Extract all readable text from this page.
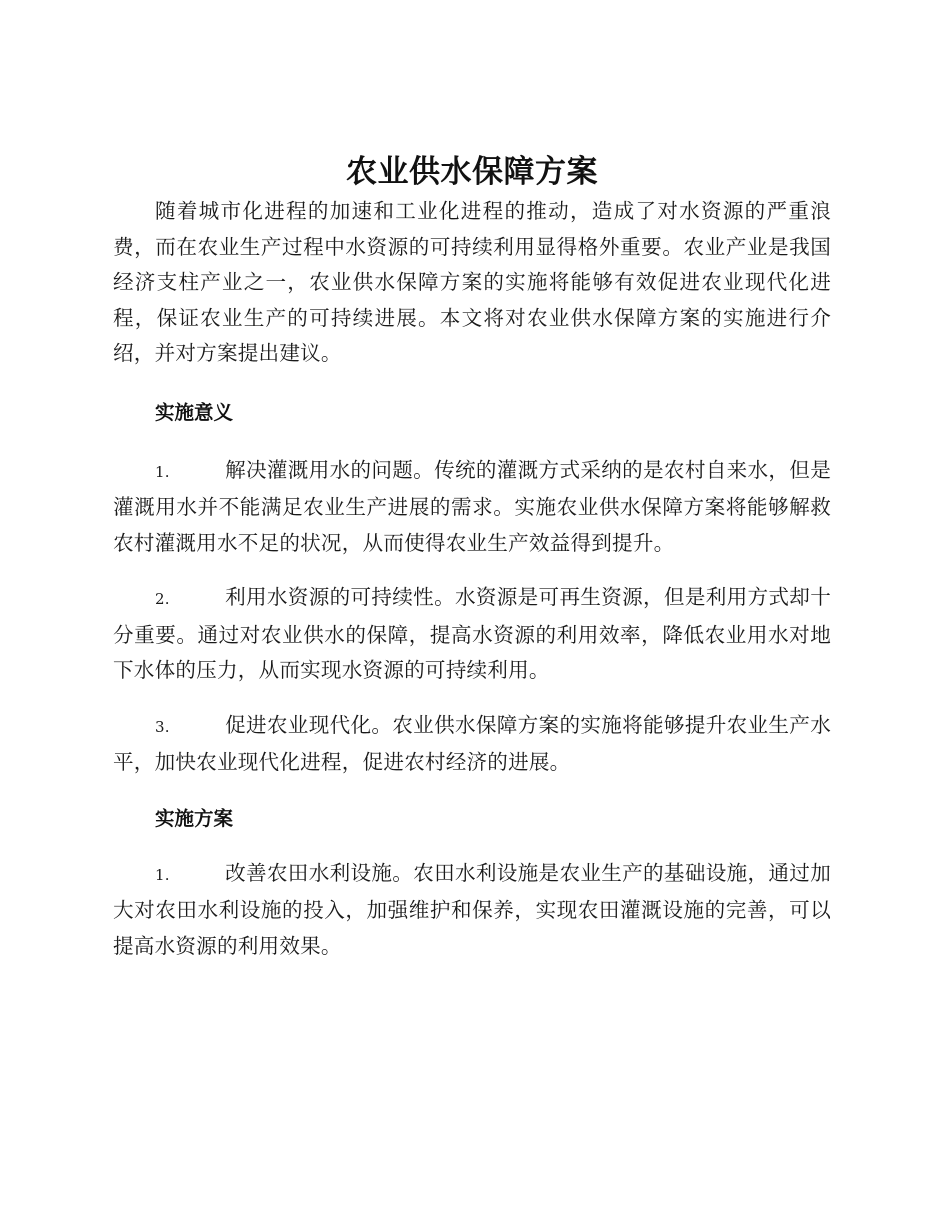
农业供水保障方案

随着城市化进程的加速和工业化进程的推动，造成了对水资源的严重浪费，而在农业生产过程中水资源的可持续利用显得格外重要。农业产业是我国经济支柱产业之一，农业供水保障方案的实施将能够有效促进农业现代化进程，保证农业生产的可持续进展。本文将对农业供水保障方案的实施进行介绍，并对方案提出建议。

实施意义

1.	解决灌溉用水的问题。传统的灌溉方式采纳的是农村自来水，但是灌溉用水并不能满足农业生产进展的需求。实施农业供水保障方案将能够解救农村灌溉用水不足的状况，从而使得农业生产效益得到提升。

2.	利用水资源的可持续性。水资源是可再生资源，但是利用方式却十分重要。通过对农业供水的保障，提高水资源的利用效率，降低农业用水对地下水体的压力，从而实现水资源的可持续利用。

3.	促进农业现代化。农业供水保障方案的实施将能够提升农业生产水平，加快农业现代化进程，促进农村经济的进展。

实施方案

1.	改善农田水利设施。农田水利设施是农业生产的基础设施，通过加大对农田水利设施的投入，加强维护和保养，实现农田灌溉设施的完善，可以提高水资源的利用效果。
